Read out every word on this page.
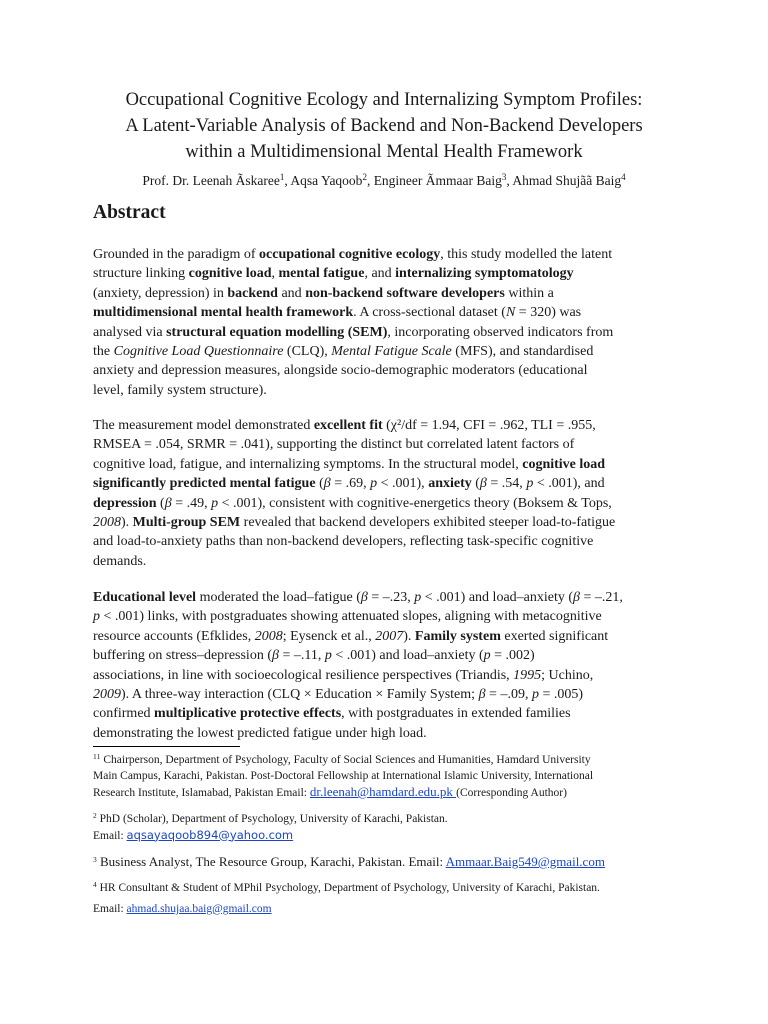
Occupational Cognitive Ecology and Internalizing Symptom Profiles:
A Latent-Variable Analysis of Backend and Non-Backend Developers
within a Multidimensional Mental Health Framework
Prof. Dr. Leenah Ãskaree$^1$, Aqsa Yaqoob$^2$, Engineer Ãmmaar Baig$^3$, Ahmad Shujãã Baig$^4$
Abstract
Grounded in the paradigm of occupational cognitive ecology, this study modelled the latent
structure linking cognitive load, mental fatigue, and internalizing symptomatology
(anxiety, depression) in backend and non-backend software developers within a
multidimensional mental health framework. A cross-sectional dataset (N = 320) was
analysed via structural equation modelling (SEM), incorporating observed indicators from
the Cognitive Load Questionnaire (CLQ), Mental Fatigue Scale (MFS), and standardised
anxiety and depression measures, alongside socio-demographic moderators (educational
level, family system structure).
The measurement model demonstrated excellent fit (χ²/df = 1.94, CFI = .962, TLI = .955,
RMSEA = .054, SRMR = .041), supporting the distinct but correlated latent factors of
cognitive load, fatigue, and internalizing symptoms. In the structural model, cognitive load
significantly predicted mental fatigue (β = .69, p < .001), anxiety (β = .54, p < .001), and
depression (β = .49, p < .001), consistent with cognitive-energetics theory (Boksem & Tops,
2008). Multi-group SEM revealed that backend developers exhibited steeper load-to-fatigue
and load-to-anxiety paths than non-backend developers, reflecting task-specific cognitive
demands.
Educational level moderated the load–fatigue (β = –.23, p < .001) and load–anxiety (β = –.21,
p < .001) links, with postgraduates showing attenuated slopes, aligning with metacognitive
resource accounts (Efklides, 2008; Eysenck et al., 2007). Family system exerted significant
buffering on stress–depression (β = –.11, p < .001) and load–anxiety (p = .002)
associations, in line with socioecological resilience perspectives (Triandis, 1995; Uchino,
2009). A three-way interaction (CLQ × Education × Family System; β = –.09, p = .005)
confirmed multiplicative protective effects, with postgraduates in extended families
demonstrating the lowest predicted fatigue under high load.
$^{11}$ Chairperson, Department of Psychology, Faculty of Social Sciences and Humanities, Hamdard University
Main Campus, Karachi, Pakistan. Post-Doctoral Fellowship at International Islamic University, International
Research Institute, Islamabad, Pakistan Email: dr.leenah@hamdard.edu.pk (Corresponding Author)
$^2$ PhD (Scholar), Department of Psychology, University of Karachi, Pakistan.
Email: aqsayaqoob894@yahoo.com
$^3$ Business Analyst, The Resource Group, Karachi, Pakistan. Email: Ammaar.Baig549@gmail.com
$^4$ HR Consultant & Student of MPhil Psychology, Department of Psychology, University of Karachi, Pakistan.
Email: ahmad.shujaa.baig@gmail.com
